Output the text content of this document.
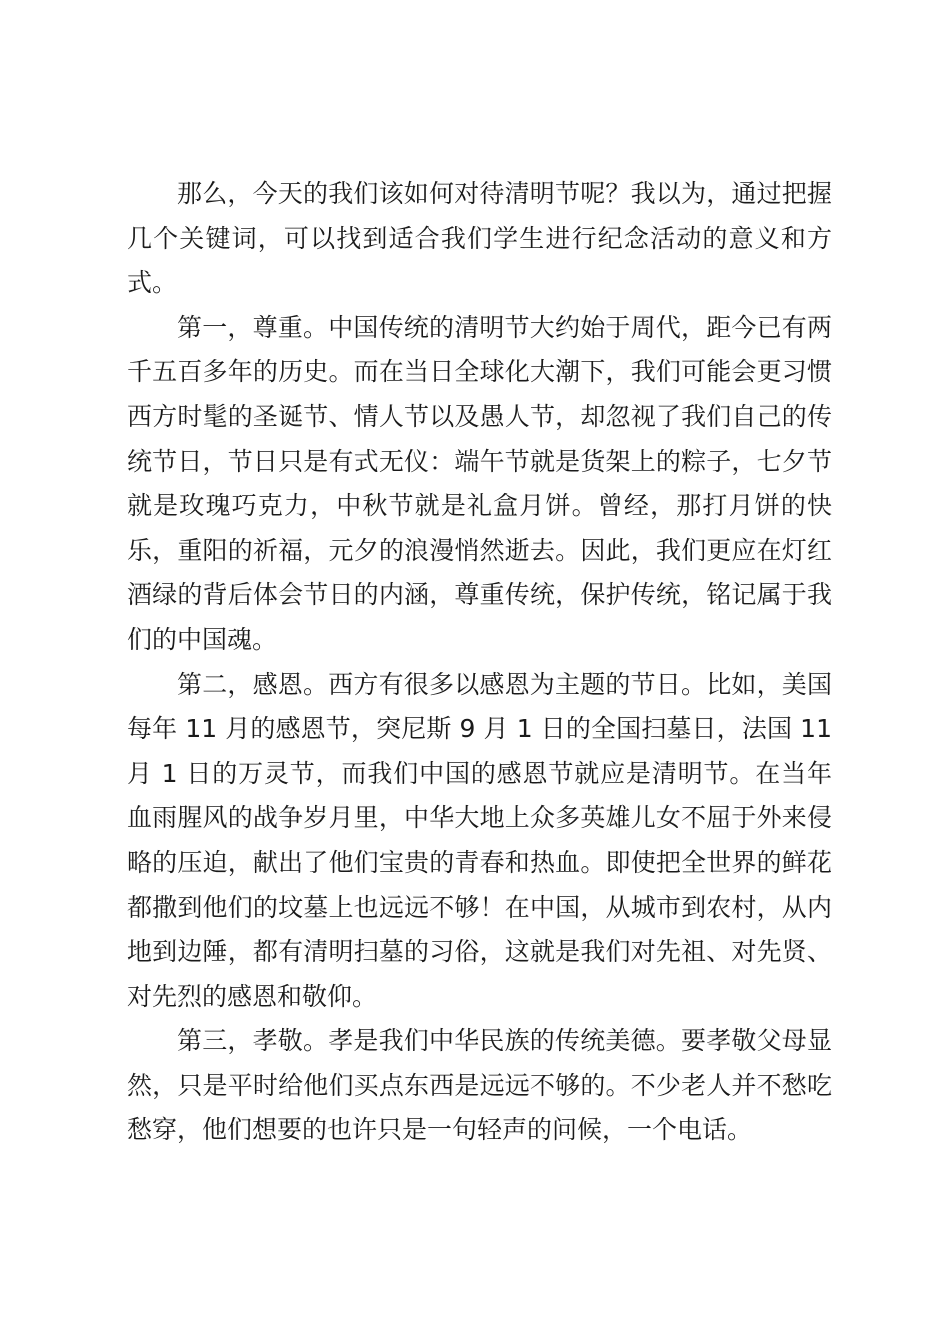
那么，今天的我们该如何对待清明节呢？我以为，通过把握几个关键词，可以找到适合我们学生进行纪念活动的意义和方式。

第一，尊重。中国传统的清明节大约始于周代，距今已有两千五百多年的历史。而在当日全球化大潮下，我们可能会更习惯西方时髦的圣诞节、情人节以及愚人节，却忽视了我们自己的传统节日，节日只是有式无仪：端午节就是货架上的粽子，七夕节就是玫瑰巧克力，中秋节就是礼盒月饼。曾经，那打月饼的快乐，重阳的祈福，元夕的浪漫悄然逝去。因此，我们更应在灯红酒绿的背后体会节日的内涵，尊重传统，保护传统，铭记属于我们的中国魂。

第二，感恩。西方有很多以感恩为主题的节日。比如，美国每年 11 月的感恩节，突尼斯 9 月 1 日的全国扫墓日，法国 11 月 1 日的万灵节，而我们中国的感恩节就应是清明节。在当年血雨腥风的战争岁月里，中华大地上众多英雄儿女不屈于外来侵略的压迫，献出了他们宝贵的青春和热血。即使把全世界的鲜花都撒到他们的坟墓上也远远不够！在中国，从城市到农村，从内地到边陲，都有清明扫墓的习俗，这就是我们对先祖、对先贤、对先烈的感恩和敬仰。

第三，孝敬。孝是我们中华民族的传统美德。要孝敬父母显然，只是平时给他们买点东西是远远不够的。不少老人并不愁吃愁穿，他们想要的也许只是一句轻声的问候，一个电话。
